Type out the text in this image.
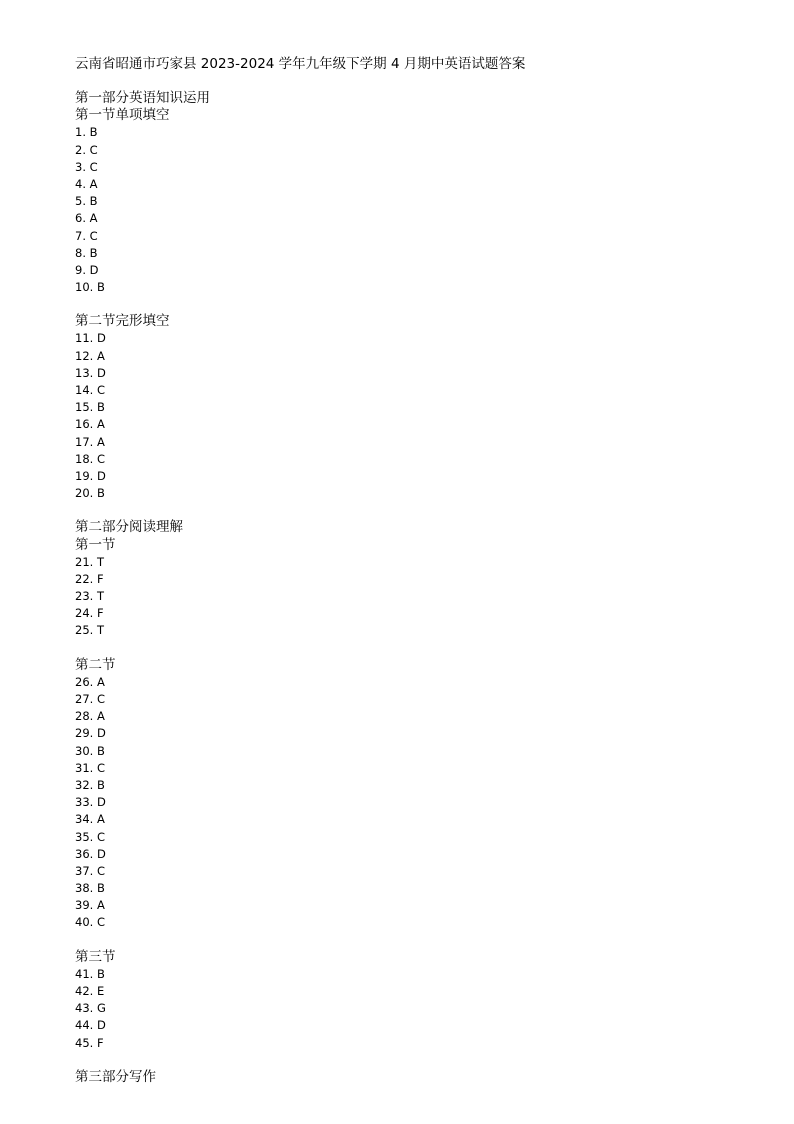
云南省昭通市巧家县 2023-2024 学年九年级下学期 4 月期中英语试题答案
第一部分英语知识运用
第一节单项填空
1 . B
2 . C
3 . C
4 . A
5 . B
6 . A
7 . C
8 . B
9 . D
10 . B
第二节完形填空
11 . D
12 . A
13 . D
14 . C
15 . B
16 . A
17 . A
18 . C
19 . D
20 . B
第二部分阅读理解
第一节
21 . T
22 . F
23 . T
24 . F
25 . T
第二节
26 . A
27 . C
28 . A
29 . D
30 . B
31 . C
32 . B
33 . D
34 . A
35 . C
36 . D
37 . C
38 . B
39 . A
40 . C
第三节
41 . B
42 . E
43 . G
44 . D
45 . F
第三部分写作
